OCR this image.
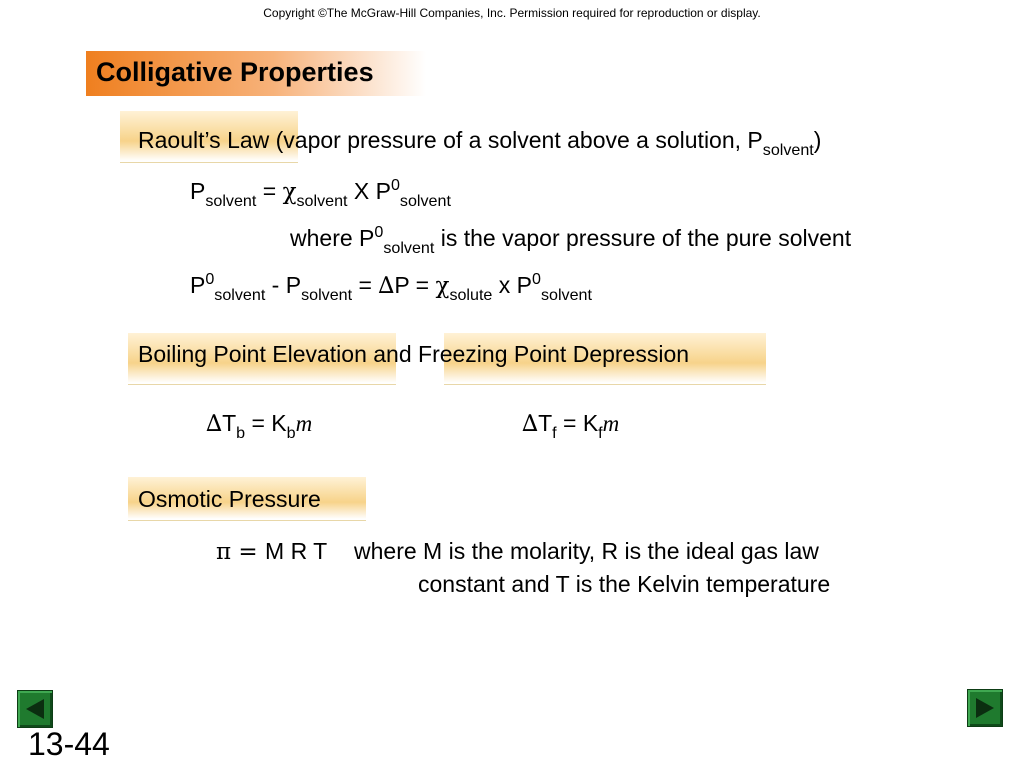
Copyright ©The McGraw-Hill Companies, Inc. Permission required for reproduction or display.
Colligative Properties
Raoult’s Law (vapor pressure of a solvent above a solution, $P_{solvent}$)
$P_{solvent} = \chi_{solvent}$ X $P^0_{solvent}$
where $P^0_{solvent}$ is the vapor pressure of the pure solvent
$P^0_{solvent} - P_{solvent} = \Delta P = \chi_{solute}$ x $P^0_{solvent}$
Boiling Point Elevation and Freezing Point Depression
$\Delta T_b = K_bm$	$\Delta T_f = K_fm$
Osmotic Pressure
π = M R T where M is the molarity, R is the ideal gas law
constant and T is the Kelvin temperature
13-44
